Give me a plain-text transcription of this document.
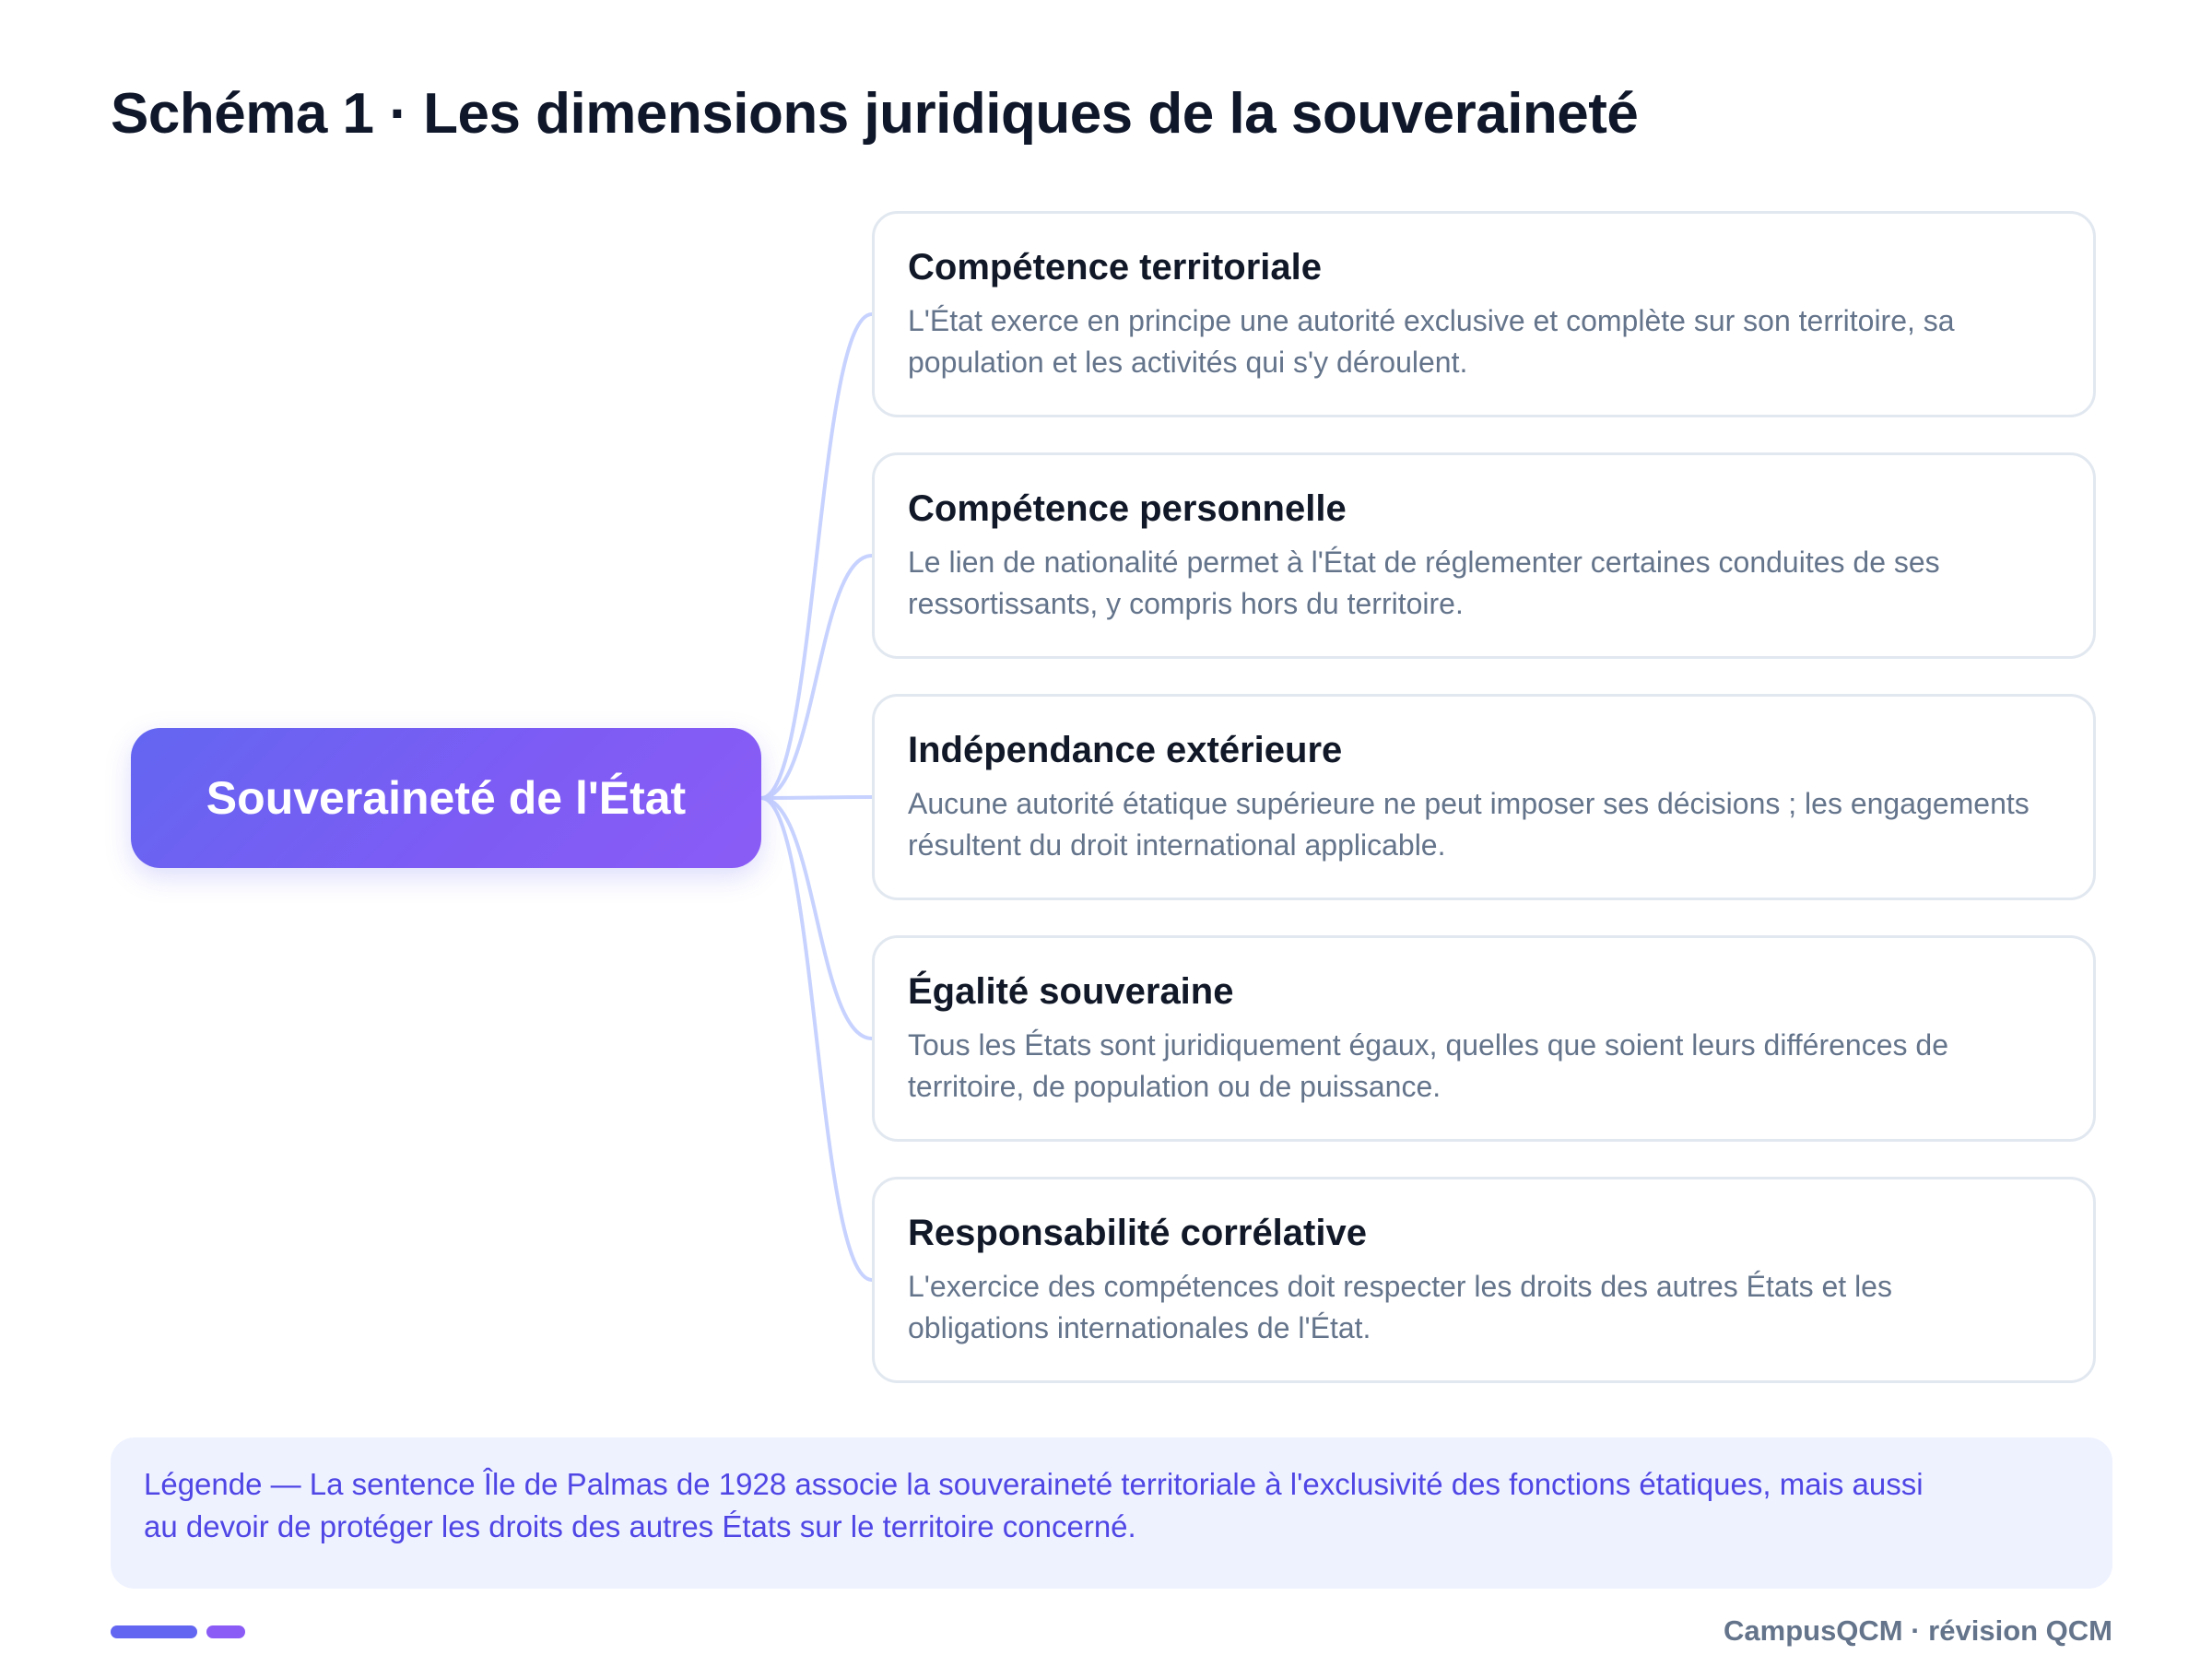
Schéma 1 · Les dimensions juridiques de la souveraineté
Souveraineté de l'État
Compétence territoriale

L'État exerce en principe une autorité exclusive et complète sur son territoire, sa population et les activités qui s'y déroulent.

Compétence personnelle

Le lien de nationalité permet à l'État de réglementer certaines conduites de ses ressortissants, y compris hors du territoire.

Indépendance extérieure

Aucune autorité étatique supérieure ne peut imposer ses décisions ; les engagements résultent du droit international applicable.

Égalité souveraine

Tous les États sont juridiquement égaux, quelles que soient leurs différences de territoire, de population ou de puissance.

Responsabilité corrélative

L'exercice des compétences doit respecter les droits des autres États et les obligations internationales de l'État.

Légende — La sentence Île de Palmas de 1928 associe la souveraineté territoriale à l'exclusivité des fonctions étatiques, mais aussi au devoir de protéger les droits des autres États sur le territoire concerné.

CampusQCM · révision QCM
